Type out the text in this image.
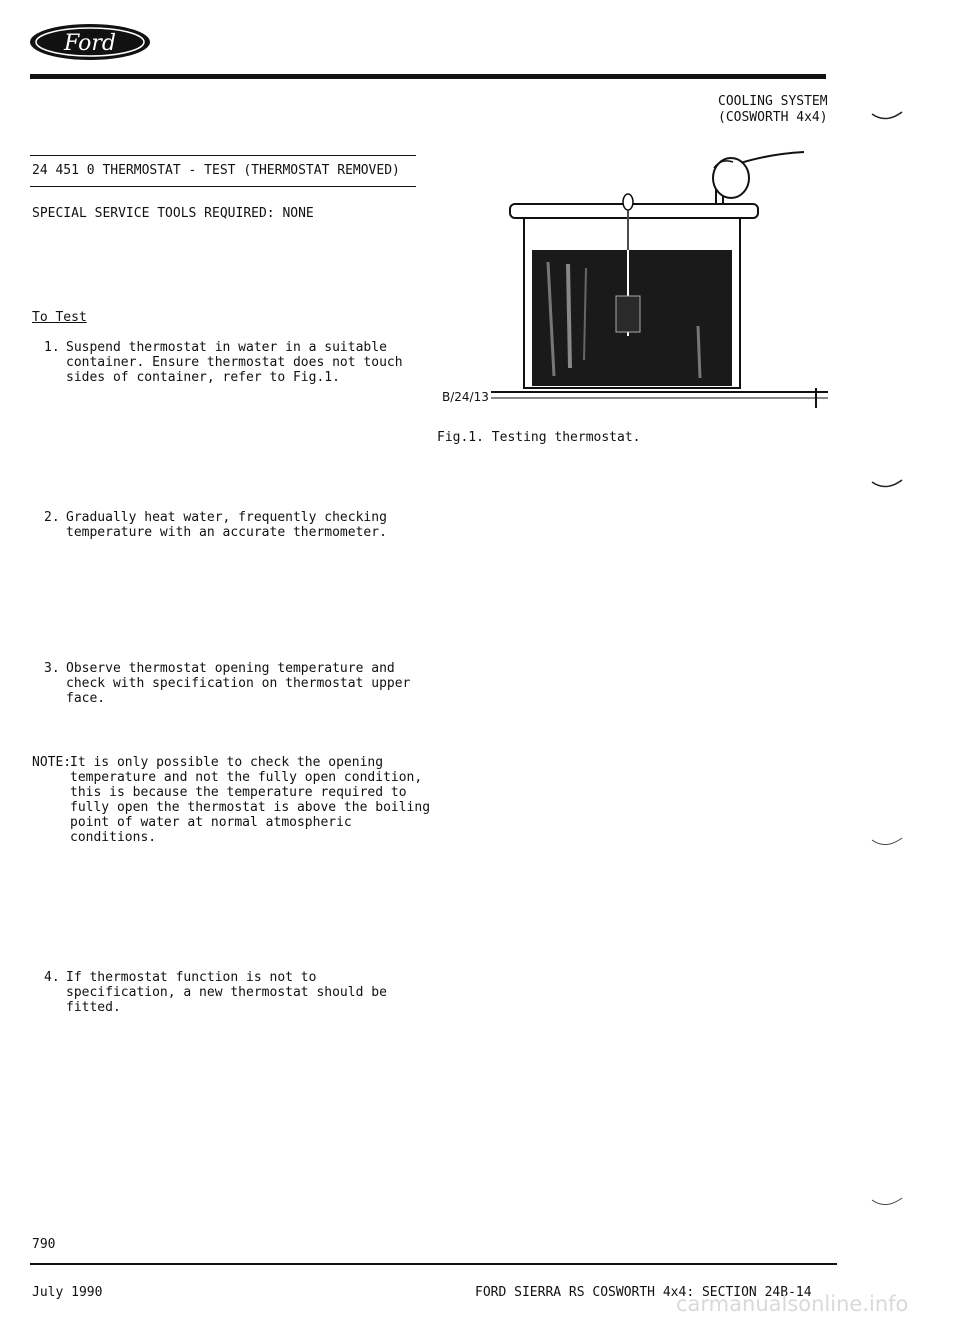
Ford
COOLING SYSTEM
(COSWORTH 4x4)
24 451 0 THERMOSTAT - TEST (THERMOSTAT REMOVED)
SPECIAL SERVICE TOOLS REQUIRED: NONE
To Test
1. Suspend thermostat in water in a suitable
container. Ensure thermostat does not touch
sides of container, refer to Fig.1.
2. Gradually heat water, frequently checking
temperature with an accurate thermometer.
3. Observe thermostat opening temperature and
check with specification on thermostat upper
face.
NOTE:
It is only possible to check the opening
temperature and not the fully open condition,
this is because the temperature required to
fully open the thermostat is above the boiling
point of water at normal atmospheric
conditions.
4. If thermostat function is not to
specification, a new thermostat should be
fitted.
B/24/13
Fig.1. Testing thermostat.
790
July 1990	FORD SIERRA RS COSWORTH 4x4: SECTION 24B-14
carmanualsonline.info
